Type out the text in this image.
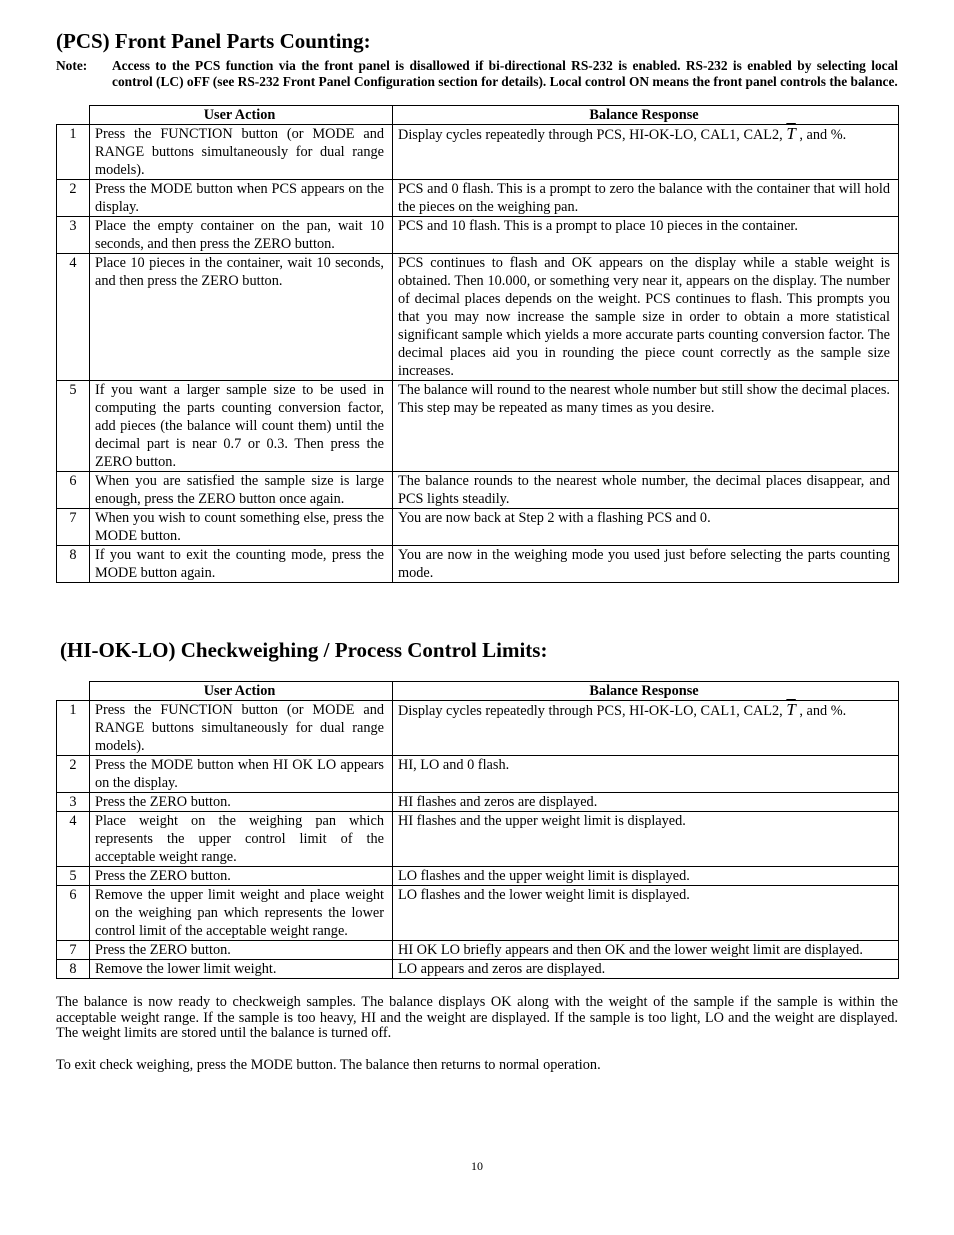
(PCS) Front Panel Parts Counting:
Note:	Access to the PCS function via the front panel is disallowed if bi-directional RS-232 is enabled. RS-232 is enabled by selecting local control (LC) oFF (see RS-232 Front Panel Configuration section for details). Local control ON means the front panel controls the balance.
	User Action	Balance Response
1	Press the FUNCTION button (or MODE and RANGE buttons simultaneously for dual range models).	Display cycles repeatedly through PCS, HI-OK-LO, CAL1, CAL2, $\overline{T}$ , and %.
2	Press the MODE button when PCS appears on the display.	PCS and 0 flash. This is a prompt to zero the balance with the container that will hold the pieces on the weighing pan.
3	Place the empty container on the pan, wait 10 seconds, and then press the ZERO button.	PCS and 10 flash. This is a prompt to place 10 pieces in the container.
4	Place 10 pieces in the container, wait 10 seconds, and then press the ZERO button.	PCS continues to flash and OK appears on the display while a stable weight is obtained. Then 10.000, or something very near it, appears on the display. The number of decimal places depends on the weight. PCS continues to flash. This prompts you that you may now increase the sample size in order to obtain a more statistical significant sample which yields a more accurate parts counting conversion factor. The decimal places aid you in rounding the piece count correctly as the sample size increases.
5	If you want a larger sample size to be used in computing the parts counting conversion factor, add pieces (the balance will count them) until the decimal part is near 0.7 or 0.3. Then press the ZERO button.	The balance will round to the nearest whole number but still show the decimal places. This step may be repeated as many times as you desire.
6	When you are satisfied the sample size is large enough, press the ZERO button once again.	The balance rounds to the nearest whole number, the decimal places disappear, and PCS lights steadily.
7	When you wish to count something else, press the MODE button.	You are now back at Step 2 with a flashing PCS and 0.
8	If you want to exit the counting mode, press the MODE button again.	You are now in the weighing mode you used just before selecting the parts counting mode.
(HI-OK-LO) Checkweighing / Process Control Limits:
	User Action	Balance Response
1	Press the FUNCTION button (or MODE and RANGE buttons simultaneously for dual range models).	Display cycles repeatedly through PCS, HI-OK-LO, CAL1, CAL2, $\overline{T}$ , and %.
2	Press the MODE button when HI OK LO appears on the display.	HI, LO and 0 flash.
3	Press the ZERO button.	HI flashes and zeros are displayed.
4	Place weight on the weighing pan which represents the upper control limit of the acceptable weight range.	HI flashes and the upper weight limit is displayed.
5	Press the ZERO button.	LO flashes and the upper weight limit is displayed.
6	Remove the upper limit weight and place weight on the weighing pan which represents the lower control limit of the acceptable weight range.	LO flashes and the lower weight limit is displayed.
7	Press the ZERO button.	HI OK LO briefly appears and then OK and the lower weight limit are displayed.
8	Remove the lower limit weight.	LO appears and zeros are displayed.

The balance is now ready to checkweigh samples. The balance displays OK along with the weight of the sample if the sample is within the acceptable weight range. If the sample is too heavy, HI and the weight are displayed. If the sample is too light, LO and the weight are displayed. The weight limits are stored until the balance is turned off.

To exit check weighing, press the MODE button. The balance then returns to normal operation.

10
